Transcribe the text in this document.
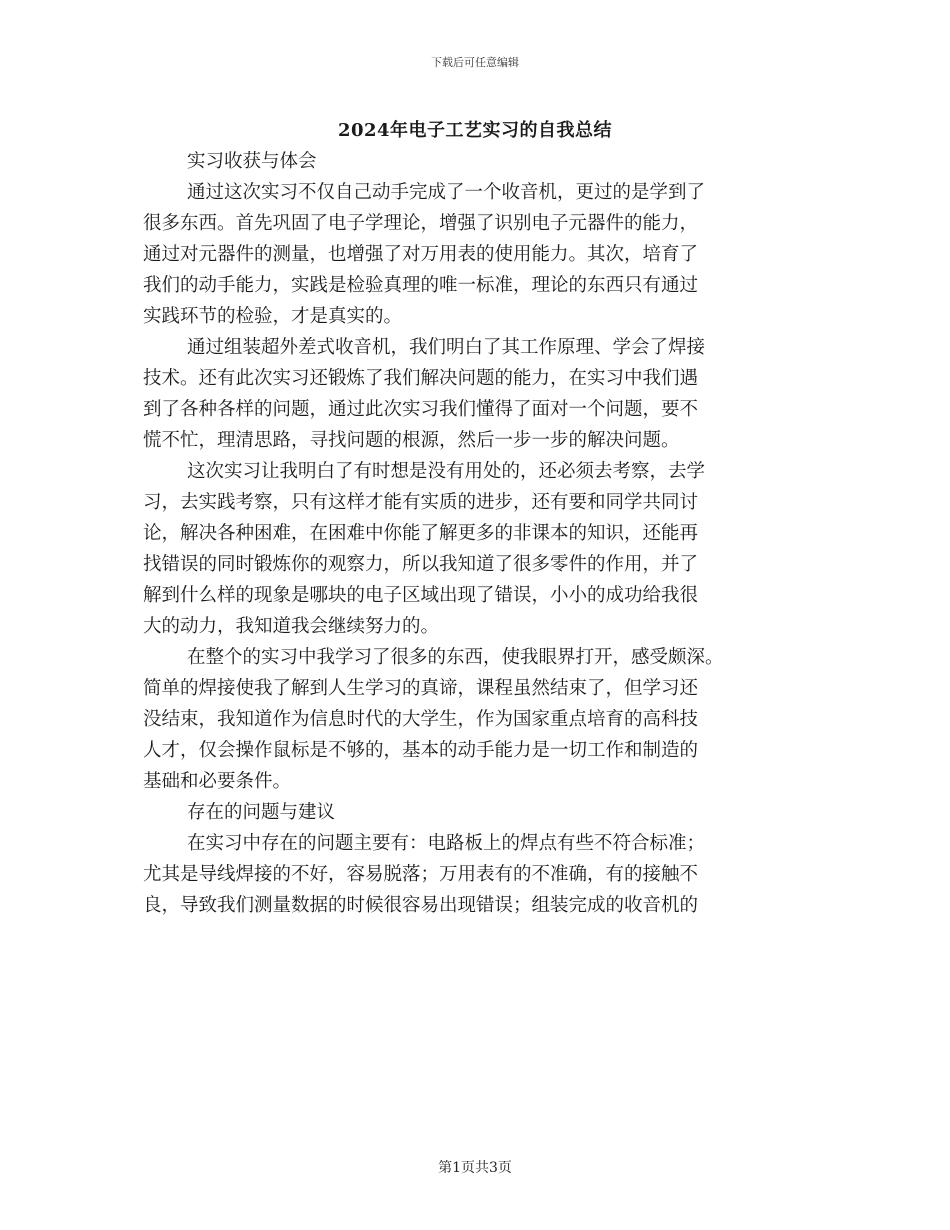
下载后可任意编辑
2024年电子工艺实习的自我总结
实习收获与体会
通过这次实习不仅自己动手完成了一个收音机，更过的是学到了
很多东西。首先巩固了电子学理论，增强了识别电子元器件的能力，
通过对元器件的测量，也增强了对万用表的使用能力。其次，培育了
我们的动手能力，实践是检验真理的唯一标准，理论的东西只有通过
实践环节的检验，才是真实的。
通过组装超外差式收音机，我们明白了其工作原理、学会了焊接
技术。还有此次实习还锻炼了我们解决问题的能力，在实习中我们遇
到了各种各样的问题，通过此次实习我们懂得了面对一个问题，要不
慌不忙，理清思路，寻找问题的根源，然后一步一步的解决问题。
这次实习让我明白了有时想是没有用处的，还必须去考察，去学
习，去实践考察，只有这样才能有实质的进步，还有要和同学共同讨
论，解决各种困难，在困难中你能了解更多的非课本的知识，还能再
找错误的同时锻炼你的观察力，所以我知道了很多零件的作用，并了
解到什么样的现象是哪块的电子区域出现了错误，小小的成功给我很
大的动力，我知道我会继续努力的。
在整个的实习中我学习了很多的东西，使我眼界打开，感受颇深。
简单的焊接使我了解到人生学习的真谛，课程虽然结束了，但学习还
没结束，我知道作为信息时代的大学生，作为国家重点培育的高科技
人才，仅会操作鼠标是不够的，基本的动手能力是一切工作和制造的
基础和必要条件。
存在的问题与建议
在实习中存在的问题主要有：电路板上的焊点有些不符合标准；
尤其是导线焊接的不好，容易脱落；万用表有的不准确，有的接触不
良，导致我们测量数据的时候很容易出现错误；组装完成的收音机的
第1页共3页
